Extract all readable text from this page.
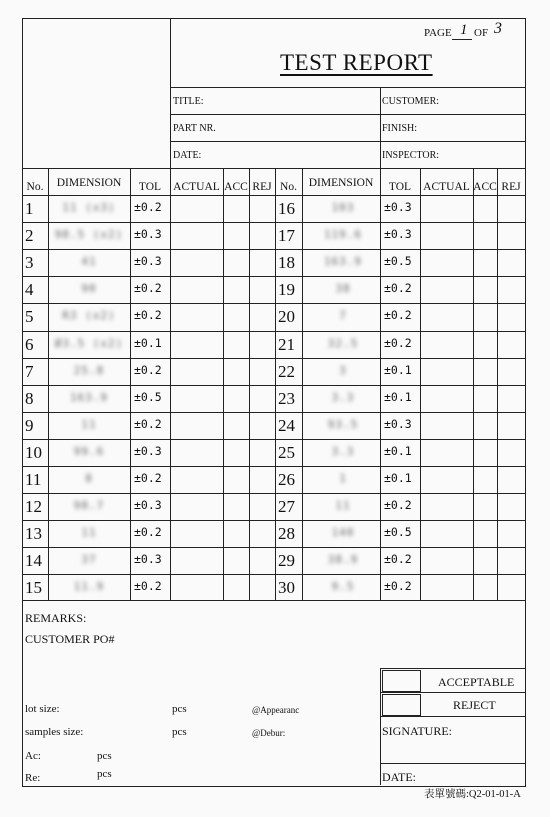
PAGE 1 OF 3
TEST REPORT
TITLE:	CUSTOMER:
PART NR.	FINISH:
DATE:	INSPECTOR:
No.	DIMENSION	TOL	ACTUAL ACC REJ No.	DIMENSION	TOL	ACTUAL ACC REJ
1	11 (x3)	±0.2
2	98.5 (x2) ±0.3
3	41	±0.3
4	90	±0.2
5	R3 (x2)	±0.2
6	Ø3.5 (x2) ±0.1
7	25.8	±0.2
8	163.9	±0.5
9	11	±0.2
10	99.6	±0.3
11	8	±0.2
12	98.7	±0.3
13	11	±0.2
14	37	±0.3
15	11.9	±0.2
16	103	±0.3
17	119.6	±0.3
18	163.9	±0.5
19	38	±0.2
20	7	±0.2
21	32.5	±0.2
22	3	±0.1
23	3.3	±0.1
24	93.5	±0.3
25	3.3	±0.1
26	1	±0.1
27	11	±0.2
28	140	±0.5
29	38.9	±0.2
30	9.5	±0.2
REMARKS:
CUSTOMER PO#
lot size:	pcs	@Appearanc
samples size:	pcs	@Debur:
Ac:	pcs
Re:	pcs
ACCEPTABLE
REJECT
SIGNATURE:
DATE:
表單號碼:Q2-01-01-A
